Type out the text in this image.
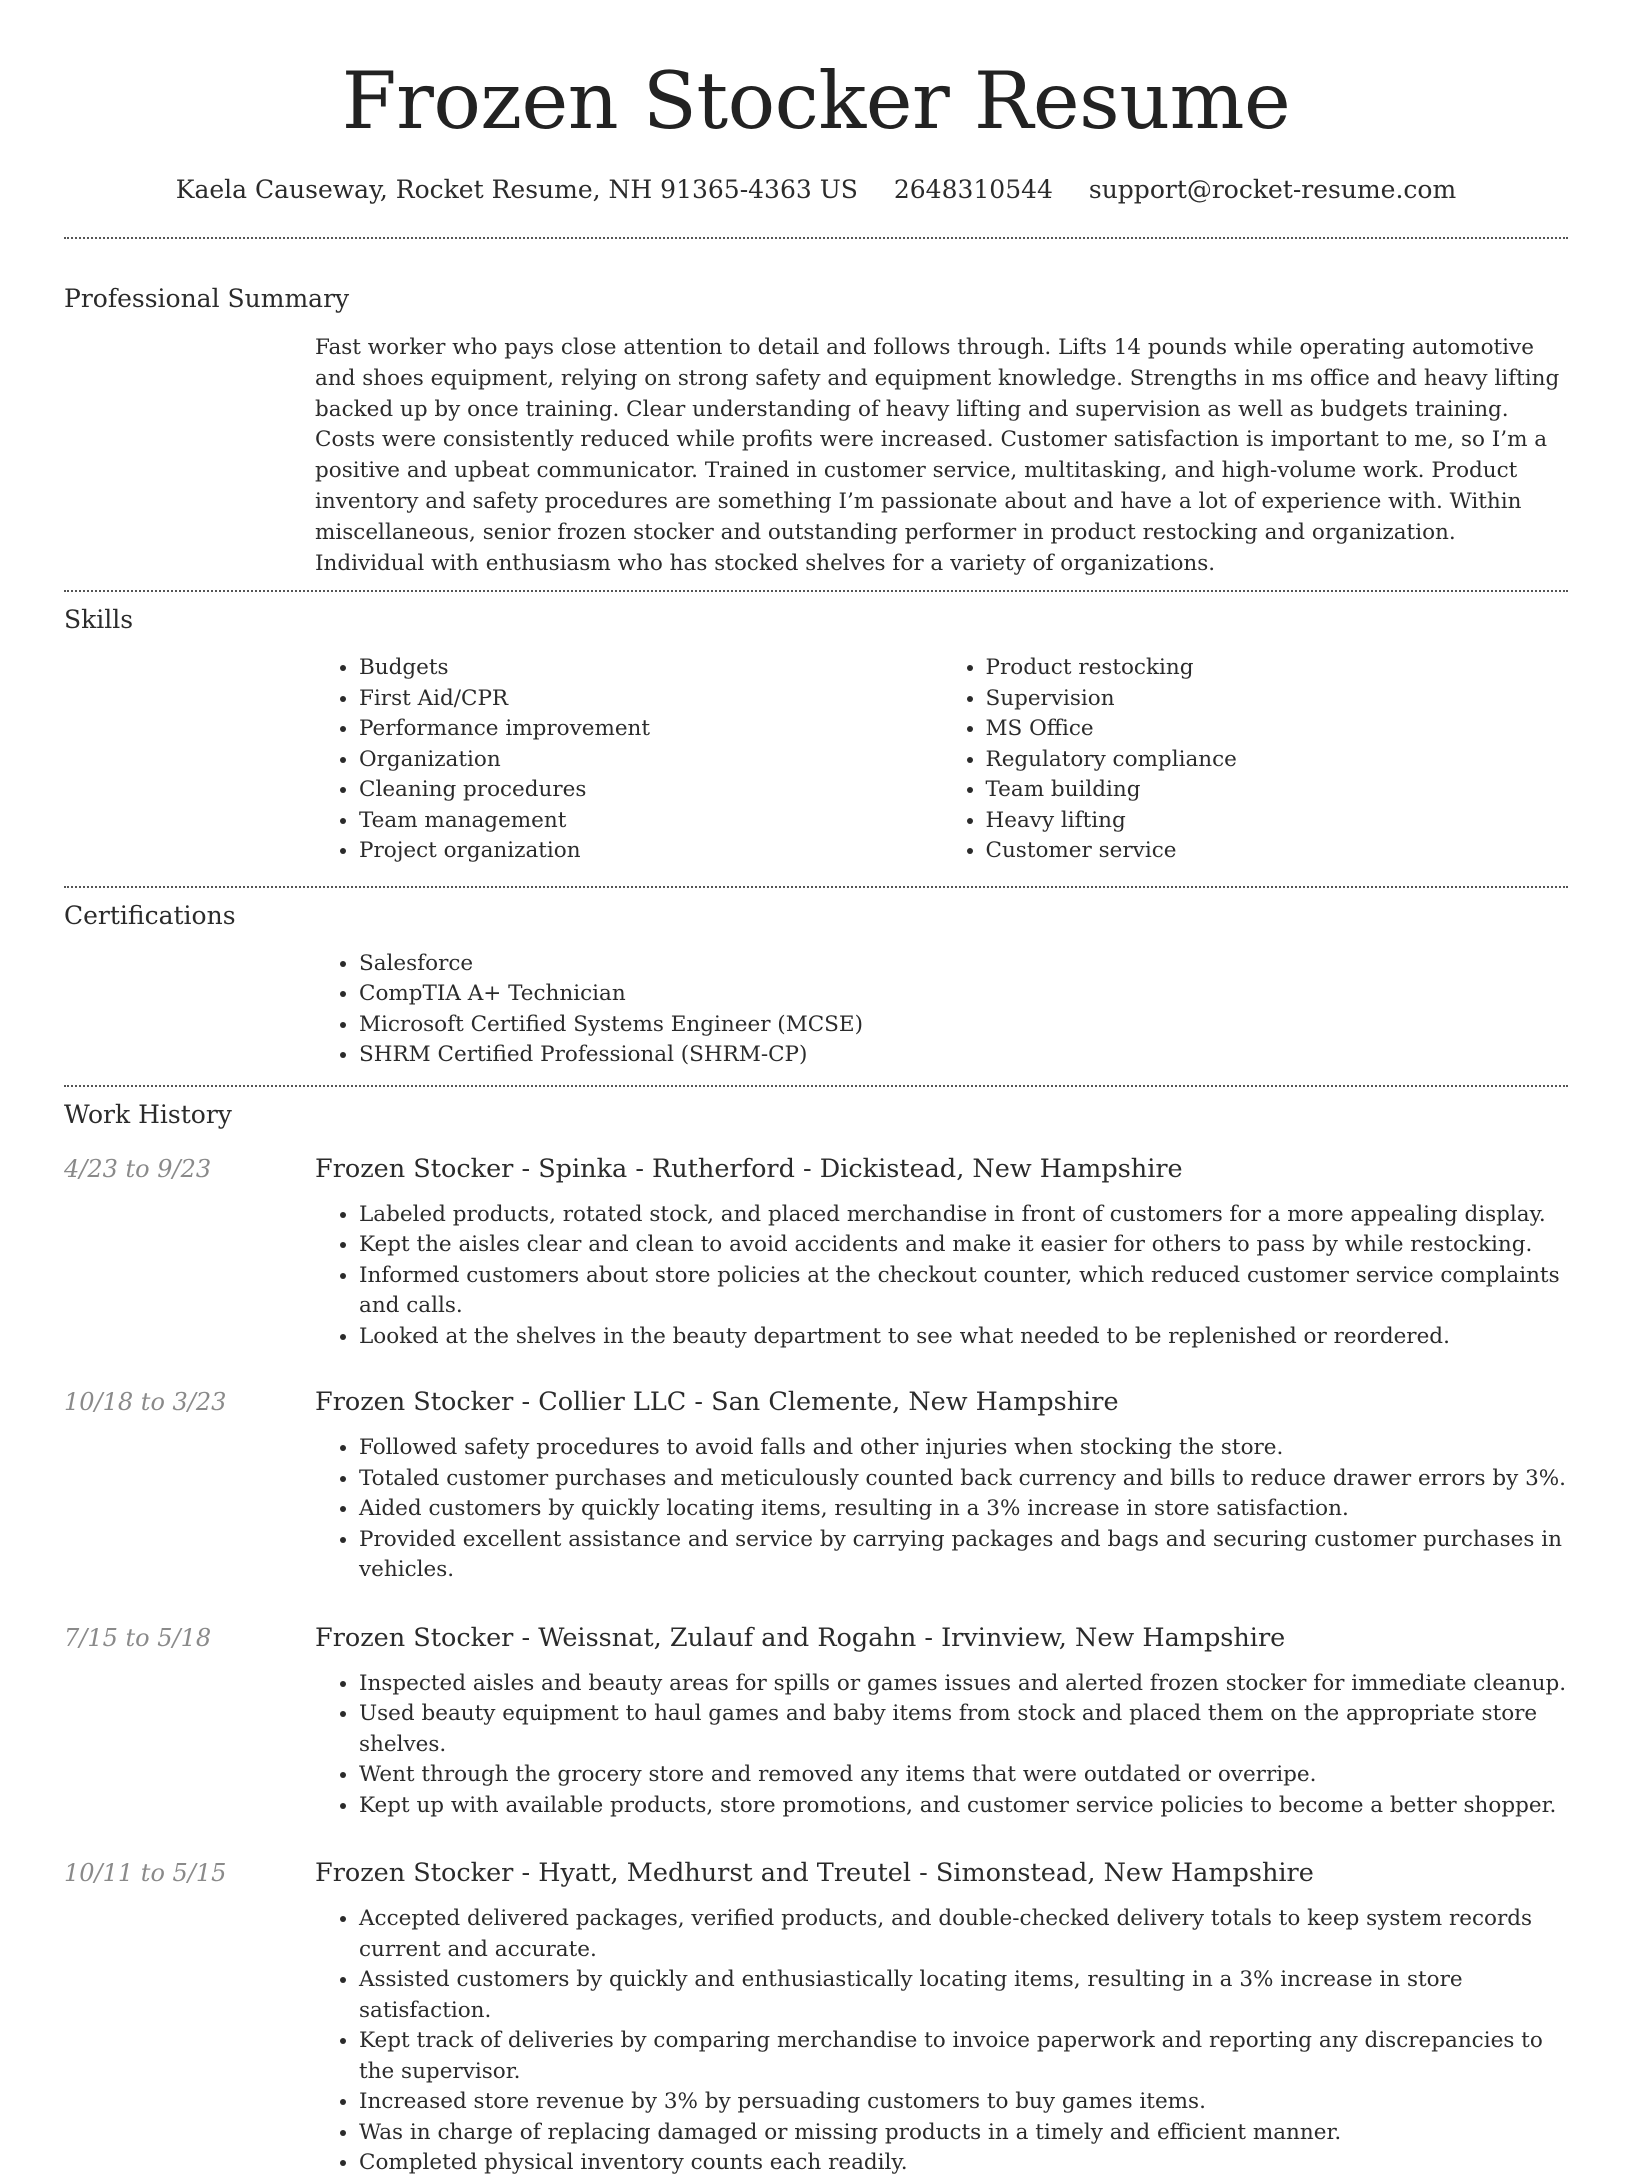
Frozen Stocker Resume
Kaela Causeway, Rocket Resume, NH 91365-4363 US 2648310544 support@rocket-resume.com
Professional Summary
Fast worker who pays close attention to detail and follows through. Lifts 14 pounds while operating automotive and shoes equipment, relying on strong safety and equipment knowledge. Strengths in ms office and heavy lifting backed up by once training. Clear understanding of heavy lifting and supervision as well as budgets training. Costs were consistently reduced while profits were increased. Customer satisfaction is important to me, so I’m a positive and upbeat communicator. Trained in customer service, multitasking, and high-volume work. Product inventory and safety procedures are something I’m passionate about and have a lot of experience with. Within miscellaneous, senior frozen stocker and outstanding performer in product restocking and organization. Individual with enthusiasm who has stocked shelves for a variety of organizations.
Skills
• Budgets
• First Aid/CPR
• Performance improvement
• Organization
• Cleaning procedures
• Team management
• Project organization
• Product restocking
• Supervision
• MS Office
• Regulatory compliance
• Team building
• Heavy lifting
• Customer service
Certifications
• Salesforce
• CompTIA A+ Technician
• Microsoft Certified Systems Engineer (MCSE)
• SHRM Certified Professional (SHRM-CP)
Work History
4/23 to 9/23	Frozen Stocker - Spinka - Rutherford - Dickistead, New Hampshire
• Labeled products, rotated stock, and placed merchandise in front of customers for a more appealing display.
• Kept the aisles clear and clean to avoid accidents and make it easier for others to pass by while restocking.
• Informed customers about store policies at the checkout counter, which reduced customer service complaints and calls.
• Looked at the shelves in the beauty department to see what needed to be replenished or reordered.
10/18 to 3/23	Frozen Stocker - Collier LLC - San Clemente, New Hampshire
• Followed safety procedures to avoid falls and other injuries when stocking the store.
• Totaled customer purchases and meticulously counted back currency and bills to reduce drawer errors by 3%.
• Aided customers by quickly locating items, resulting in a 3% increase in store satisfaction.
• Provided excellent assistance and service by carrying packages and bags and securing customer purchases in vehicles.
7/15 to 5/18	Frozen Stocker - Weissnat, Zulauf and Rogahn - Irvinview, New Hampshire
• Inspected aisles and beauty areas for spills or games issues and alerted frozen stocker for immediate cleanup.
• Used beauty equipment to haul games and baby items from stock and placed them on the appropriate store shelves.
• Went through the grocery store and removed any items that were outdated or overripe.
• Kept up with available products, store promotions, and customer service policies to become a better shopper.
10/11 to 5/15	Frozen Stocker - Hyatt, Medhurst and Treutel - Simonstead, New Hampshire
• Accepted delivered packages, verified products, and double-checked delivery totals to keep system records current and accurate.
• Assisted customers by quickly and enthusiastically locating items, resulting in a 3% increase in store satisfaction.
• Kept track of deliveries by comparing merchandise to invoice paperwork and reporting any discrepancies to the supervisor.
• Increased store revenue by 3% by persuading customers to buy games items.
• Was in charge of replacing damaged or missing products in a timely and efficient manner.
• Completed physical inventory counts each readily.
